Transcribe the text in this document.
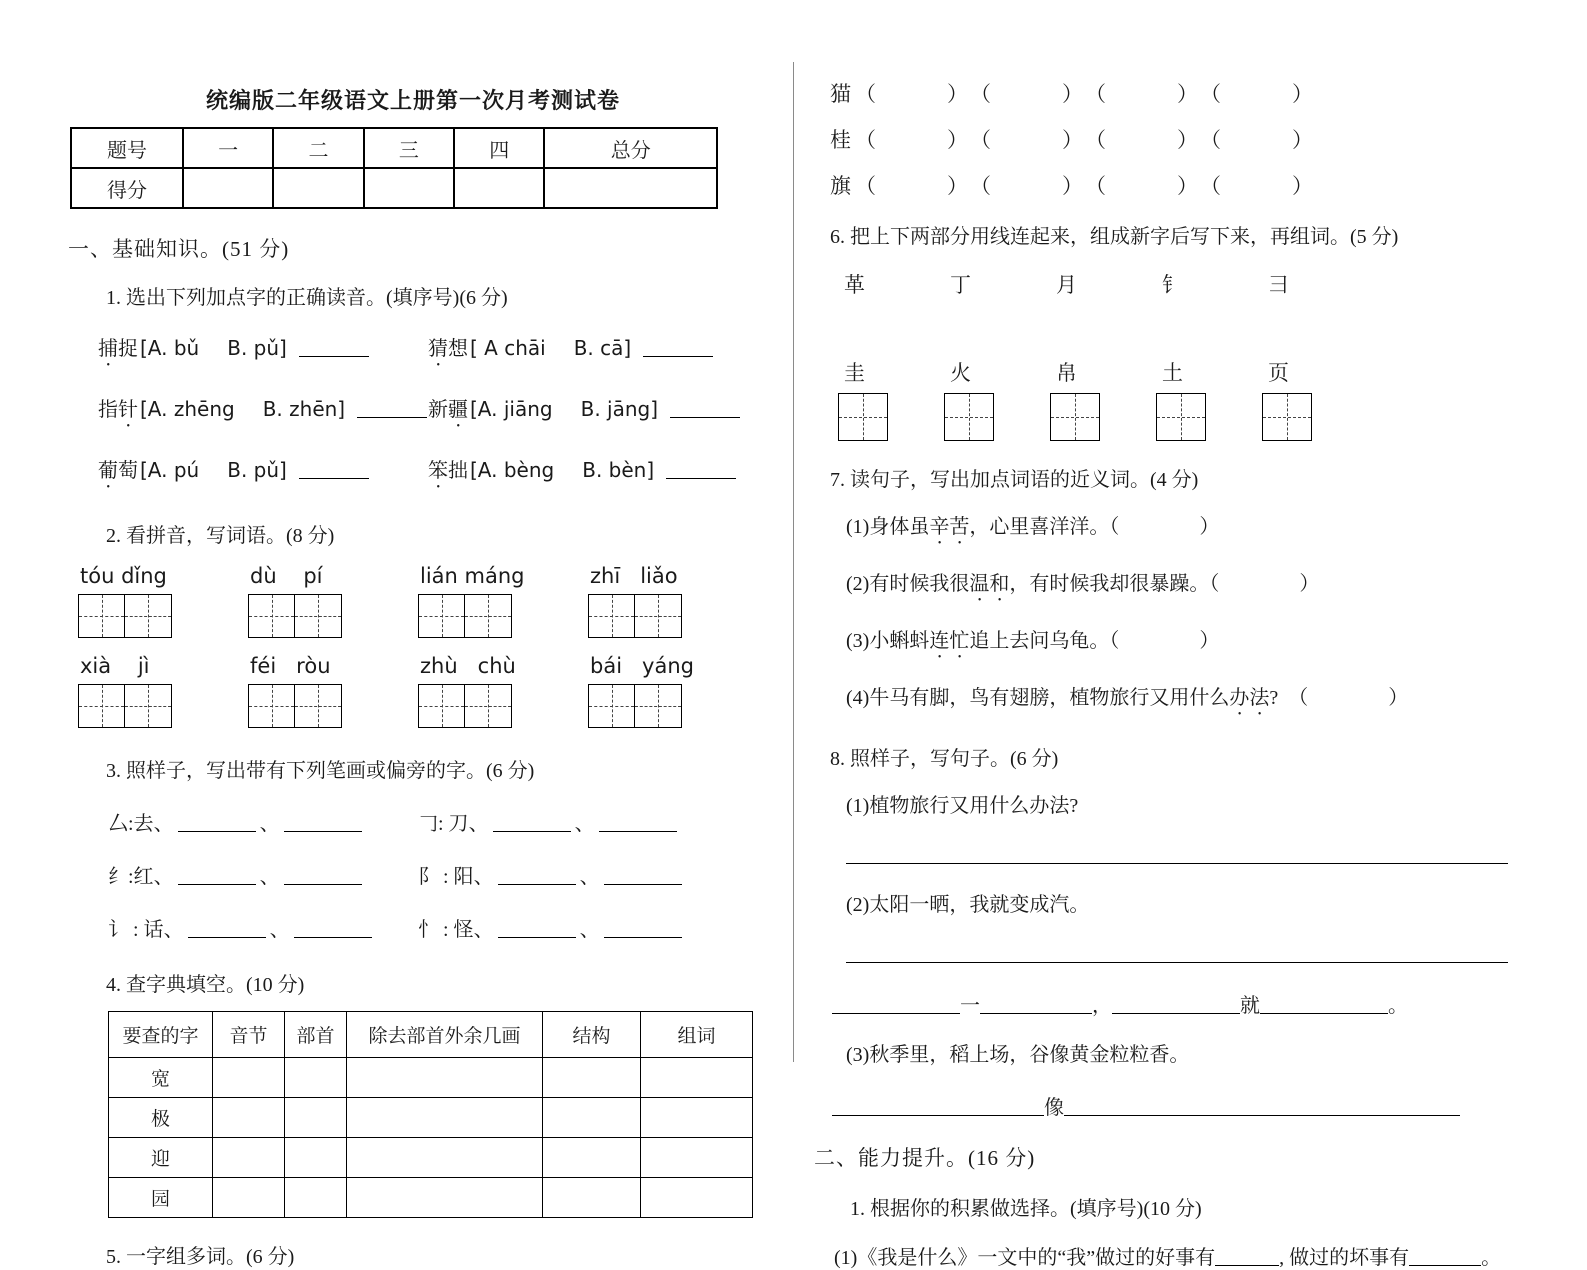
统编版二年级语文上册第一次月考测试卷
题号	一	二	三	四	总分
得分					
一、基础知识。(51 分)
1. 选出下列加点字的正确读音。(填序号)(6 分)
捕捉 [A. bǔ B. pǔ]	猜想 [ A chāi B. cā]
指针 [A. zhēng B. zhēn]	新疆 [A. jiāng B. jāng]
葡萄 [A. pú B. pǔ]	笨拙 [A. bèng B. bèn]
2. 看拼音，写词语。(8 分)
tóu dǐng	dù    pí	lián máng	zhī   liǎo
xià    jì	féi   ròu	zhù   chù	bái   yáng
3. 照样子，写出带有下列笔画或偏旁的字。(6 分)
厶:去、	、	𠃌: 刀、	、
纟:红、	、	阝 : 阳、	、
讠 : 话、	、	忄 : 怪、	、
4. 查字典填空。(10 分)
要查的字	音节	部首	除去部首外余几画	结构	组词
宽					
极					
迎					
园					
5. 一字组多词。(6 分)
猫 （　　　） （　　　） （　　　） （　　　）
桂 （　　　） （　　　） （　　　） （　　　）
旗 （　　　） （　　　） （　　　） （　　　）
6. 把上下两部分用线连起来，组成新字后写下来，再组词。(5 分)
革	丁	月	钅	彐
圭	火	帛	土	页
7. 读句子，写出加点词语的近义词。(4 分)
(1)身体虽辛苦，心里喜洋洋。（　　　　）
(2)有时候我很温和，有时候我却很暴躁。（　　　　）
(3)小蝌蚪连忙追上去问乌龟。（　　　　）
(4)牛马有脚，鸟有翅膀，植物旅行又用什么办法?  （　　　　）
8. 照样子，写句子。(6 分)
(1)植物旅行又用什么办法?
(2)太阳一晒，我就变成汽。
一	，	就	。
(3)秋季里，稻上场，谷像黄金粒粒香。
像
二、能力提升。(16 分)
1. 根据你的积累做选择。(填序号)(10 分)
(1)《我是什么》一文中的“我”做过的好事有	, 做过的坏事有	。
